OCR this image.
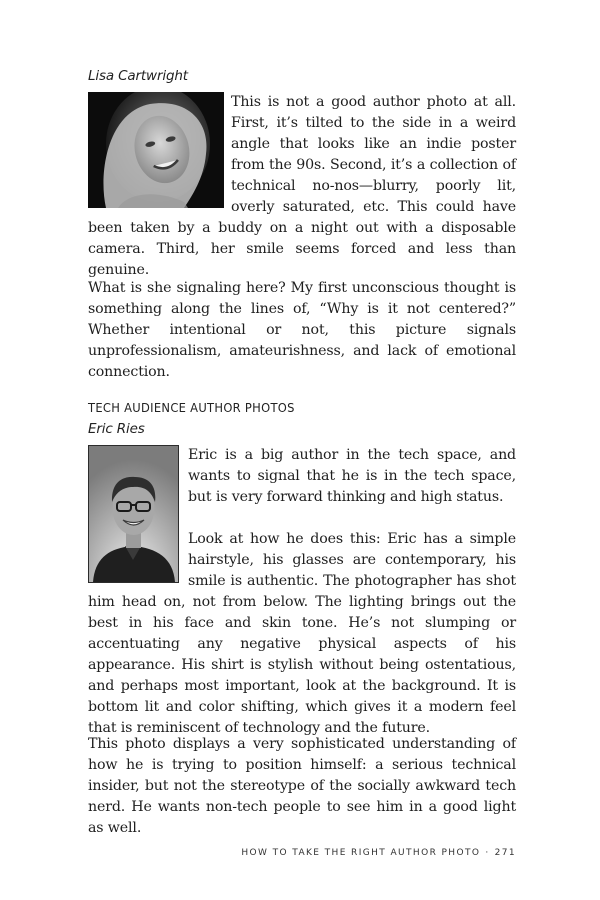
Lisa Cartwright

This is not a good author photo at all. First, it’s tilted to the side in a weird angle that looks like an indie poster from the 90s. Second, it’s a collection of technical no-nos—blurry, poorly lit, overly saturated, etc. This could have been taken by a buddy on a night out with a disposable camera. Third, her smile seems forced and less than genuine.

What is she signaling here? My first unconscious thought is something along the lines of, “Why is it not centered?” Whether intentional or not, this picture signals unprofessionalism, amateurishness, and lack of emotional connection.

TECH AUDIENCE AUTHOR PHOTOS

Eric Ries

Eric is a big author in the tech space, and wants to signal that he is in the tech space, but is very forward thinking and high status.

Look at how he does this: Eric has a simple hairstyle, his glasses are contemporary, his smile is authentic. The photographer has shot him head on, not from below. The lighting brings out the best in his face and skin tone. He’s not slumping or accentuating any negative physical aspects of his appearance. His shirt is stylish without being ostentatious, and perhaps most important, look at the background. It is bottom lit and color shifting, which gives it a modern feel that is reminiscent of technology and the future.

This photo displays a very sophisticated understanding of how he is trying to position himself: a serious technical insider, but not the stereotype of the socially awkward tech nerd. He wants non-tech people to see him in a good light as well.

HOW TO TAKE THE RIGHT AUTHOR PHOTO · 271
